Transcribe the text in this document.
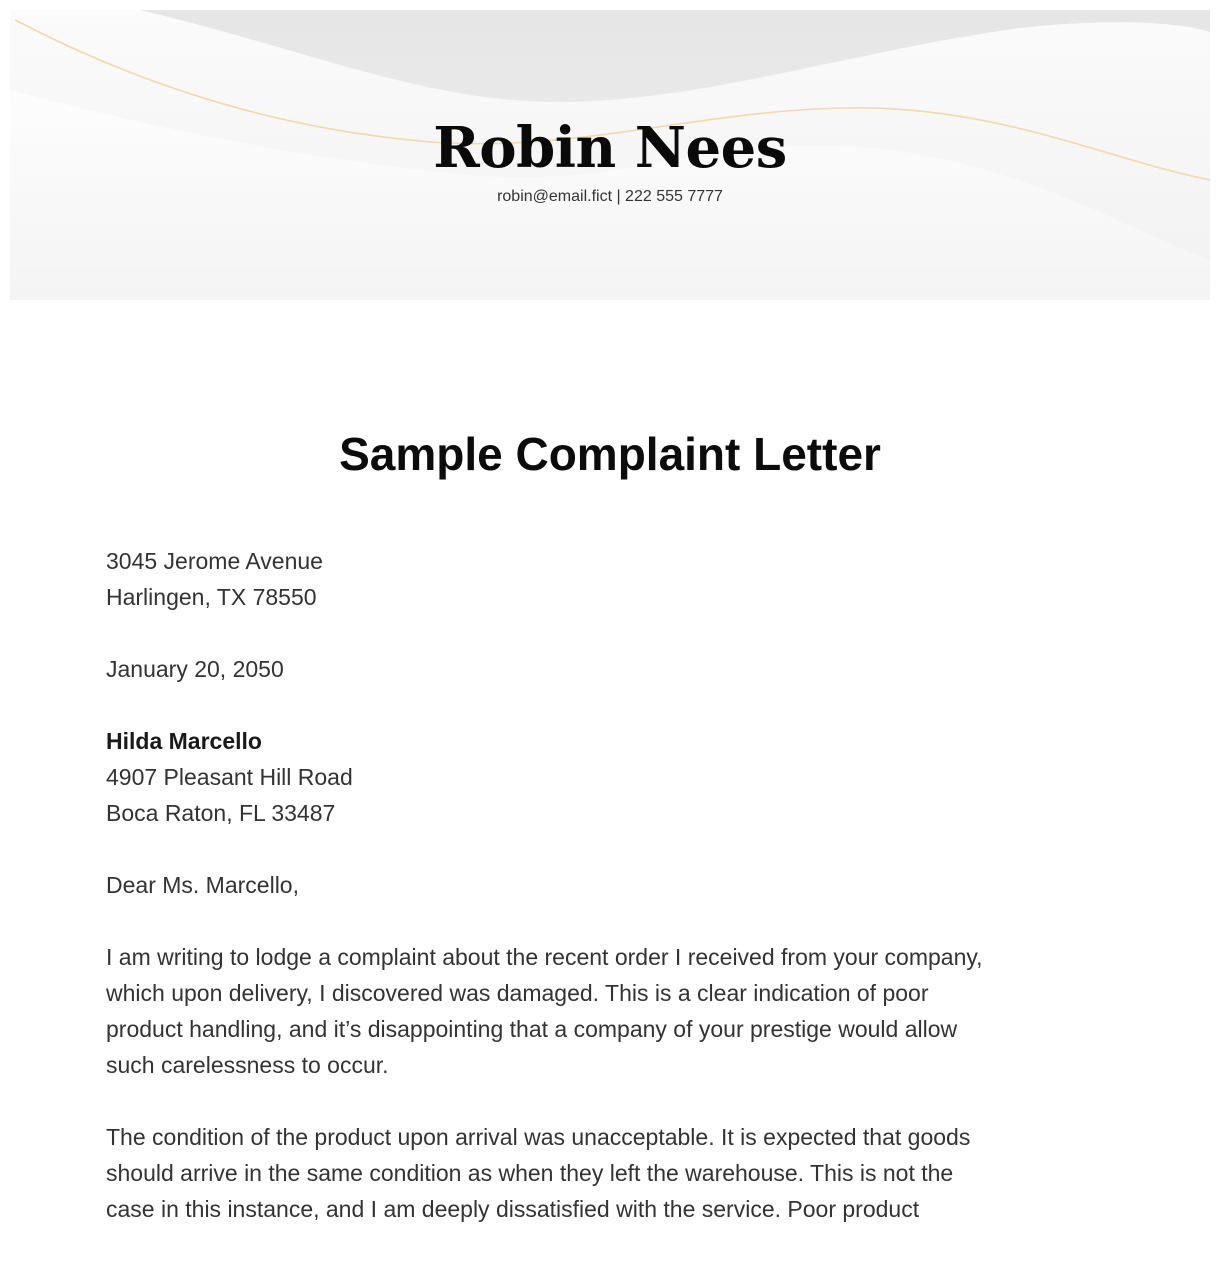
Robin Nees
robin@email.fict | 222 555 7777
Sample Complaint Letter
3045 Jerome Avenue
Harlingen, TX 78550
January 20, 2050
Hilda Marcello
4907 Pleasant Hill Road
Boca Raton, FL 33487
Dear Ms. Marcello,
I am writing to lodge a complaint about the recent order I received from your company,
which upon delivery, I discovered was damaged. This is a clear indication of poor
product handling, and it’s disappointing that a company of your prestige would allow
such carelessness to occur.
The condition of the product upon arrival was unacceptable. It is expected that goods
should arrive in the same condition as when they left the warehouse. This is not the
case in this instance, and I am deeply dissatisfied with the service. Poor product
